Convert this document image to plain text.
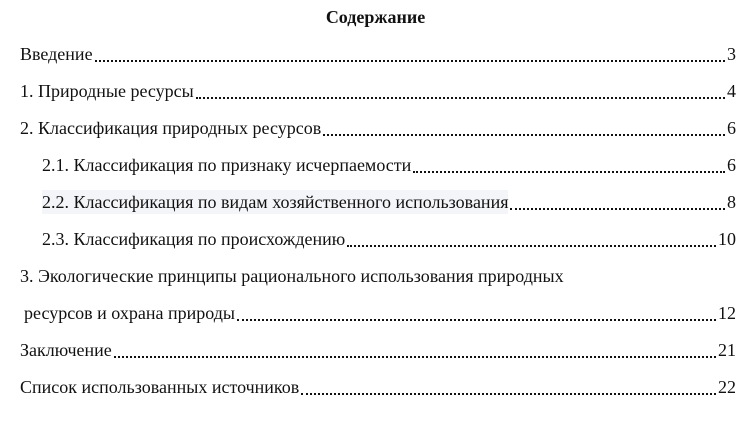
Содержание
Введение	3
1. Природные ресурсы	4
2. Классификация природных ресурсов	6
2.1. Классификация по признаку исчерпаемости	6
2.2. Классификация по видам хозяйственного использования	8
2.3. Классификация по происхождению	10
3. Экологические принципы рационального использования природных
ресурсов и охрана природы	12
Заключение	21
Список использованных источников	22
